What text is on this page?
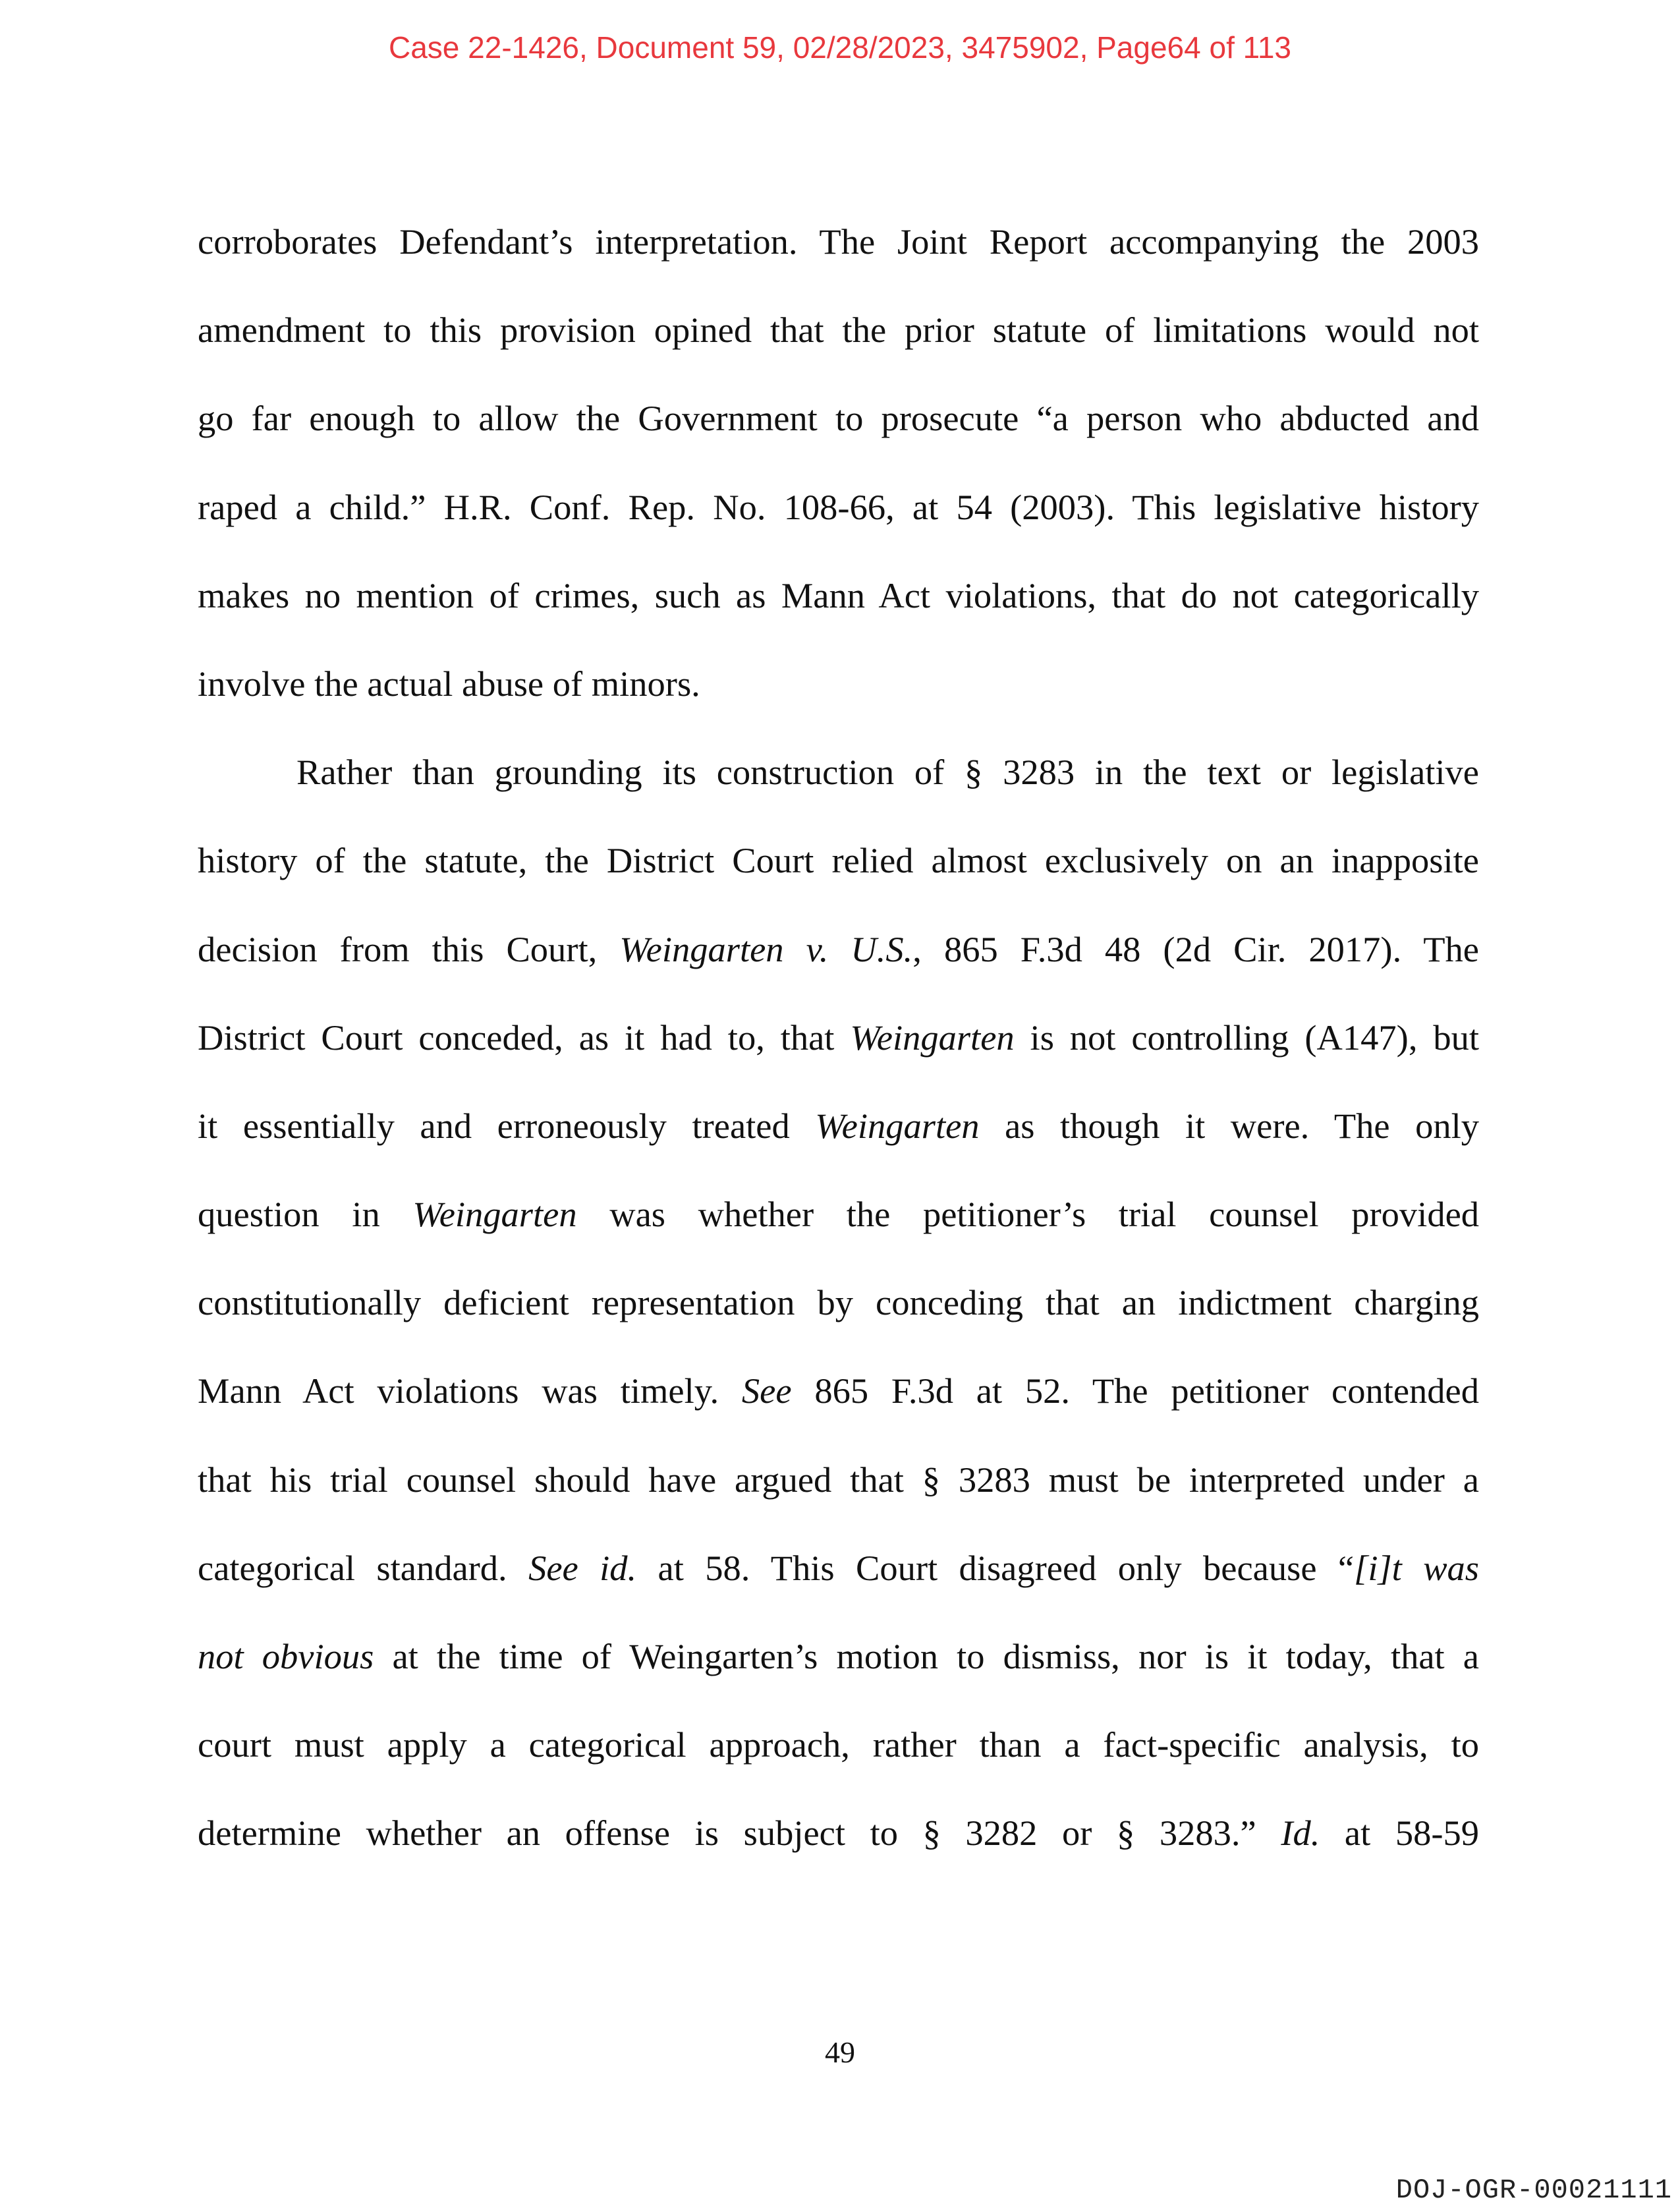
Case 22-1426, Document 59, 02/28/2023, 3475902, Page64 of 113
corroborates Defendant’s interpretation. The Joint Report accompanying the 2003
amendment to this provision opined that the prior statute of limitations would not
go far enough to allow the Government to prosecute “a person who abducted and
raped a child.” H.R. Conf. Rep. No. 108-66, at 54 (2003). This legislative history
makes no mention of crimes, such as Mann Act violations, that do not categorically
involve the actual abuse of minors.
Rather than grounding its construction of § 3283 in the text or legislative
history of the statute, the District Court relied almost exclusively on an inapposite
decision from this Court, Weingarten v. U.S., 865 F.3d 48 (2d Cir. 2017). The
District Court conceded, as it had to, that Weingarten is not controlling (A147), but
it essentially and erroneously treated Weingarten as though it were. The only
question in Weingarten was whether the petitioner’s trial counsel provided
constitutionally deficient representation by conceding that an indictment charging
Mann Act violations was timely. See 865 F.3d at 52. The petitioner contended
that his trial counsel should have argued that § 3283 must be interpreted under a
categorical standard. See id. at 58. This Court disagreed only because “[i]t was
not obvious at the time of Weingarten’s motion to dismiss, nor is it today, that a
court must apply a categorical approach, rather than a fact-specific analysis, to
determine whether an offense is subject to § 3282 or § 3283.” Id. at 58-59
49
DOJ-OGR-00021111
